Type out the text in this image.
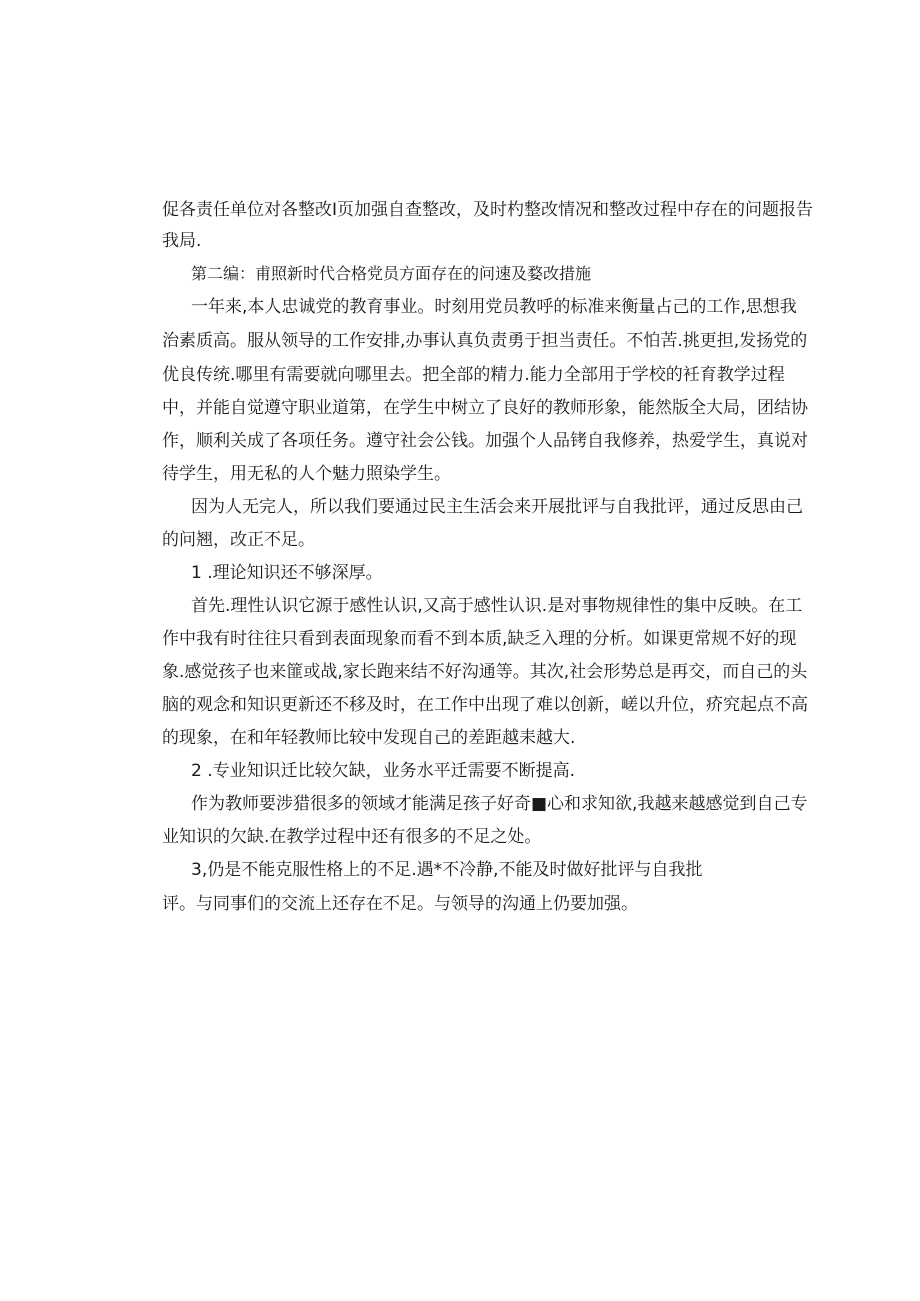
促各责任单位对各整改I页加强自查整改，及时杓整改情况和整改过程中存在的问题报告
我局.
第二编：甫照新时代合格党员方面存在的问速及婺改措施
一年来,本人忠诚党的教育事业。时刻用党员教呼的标准来衡量占己的工作,思想我
治素质高。服从领导的工作安排,办事认真负责勇于担当责任。不怕苦.挑更担,发扬党的
优良传统.哪里有需要就向哪里去。把全部的精力.能力全部用于学校的衽育教学过程
中，并能自觉遵守职业道第，在学生中树立了良好的教师形象，能然版全大局，团结协
作，顺利关成了各项任务。遵守社会公钱。加强个人品铐自我修养，热爱学生，真说对
待学生，用无私的人个魅力照染学生。
因为人无完人，所以我们要通过民主生活会来开展批评与自我批评，通过反思由己
的问翘，改正不足。
1 .理论知识还不够深厚。
首先.理性认识它源于感性认识,又高于感性认识.是对事物规律性的集中反映。在工
作中我有时往往只看到表面现象而看不到本质,缺乏入理的分析。如课更常规不好的现
象.感觉孩子也来篚或战,家长跑来结不好沟通等。其次,社会形势总是再交，而自己的头
脑的观念和知识更新还不移及时，在工作中出现了难以创新，嵯以升位，疥究起点不高
的现象，在和年轻教师比较中发现自己的差距越耒越大.
2 .专业知识迁比较欠缺，业务水平迁需要不断提高.
作为教师要涉猎很多的领域才能满足孩子好奇■心和求知欲,我越来越感觉到自己专
业知识的欠缺.在教学过程中还有很多的不足之处。
3,仍是不能克服性格上的不足.遇*不冷静,不能及时做好批评与自我批
评。与同事们的交流上还存在不足。与领导的沟通上仍要加强。
